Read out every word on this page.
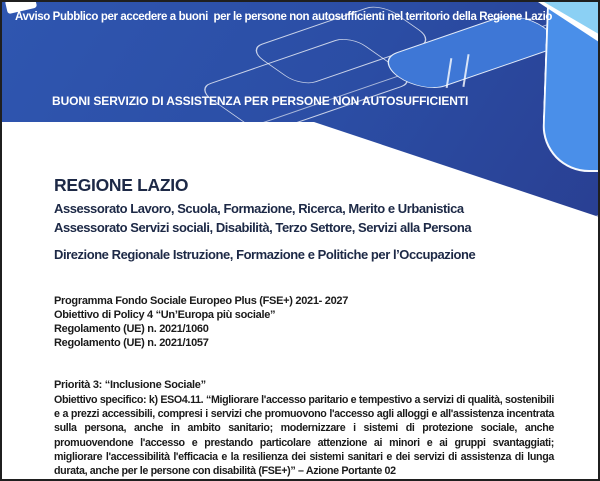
Avviso Pubblico per accedere a buoni  per le persone non autosufficienti nel territorio della Regione Lazio
BUONI SERVIZIO DI ASSISTENZA PER PERSONE NON AUTOSUFFICIENTI
REGIONE LAZIO
Assessorato Lavoro, Scuola, Formazione, Ricerca, Merito e Urbanistica
Assessorato Servizi sociali, Disabilità, Terzo Settore, Servizi alla Persona
Direzione Regionale Istruzione, Formazione e Politiche per l’Occupazione
Programma Fondo Sociale Europeo Plus (FSE+) 2021- 2027
Obiettivo di Policy 4 “Un’Europa più sociale”
Regolamento (UE) n. 2021/1060
Regolamento (UE) n. 2021/1057
Priorità 3: “Inclusione Sociale”
Obiettivo specifico: k) ESO4.11. “Migliorare l'accesso paritario e tempestivo a servizi di qualità, sostenibili e a prezzi accessibili, compresi i servizi che promuovono l'accesso agli alloggi e all'assistenza incentrata sulla persona, anche in ambito sanitario; modernizzare i sistemi di protezione sociale, anche promuovendone l'accesso e prestando particolare attenzione ai minori e ai gruppi svantaggiati; migliorare l'accessibilità l'efficacia e la resilienza dei sistemi sanitari e dei servizi di assistenza di lunga durata, anche per le persone con disabilità (FSE+)” – Azione Portante 02
